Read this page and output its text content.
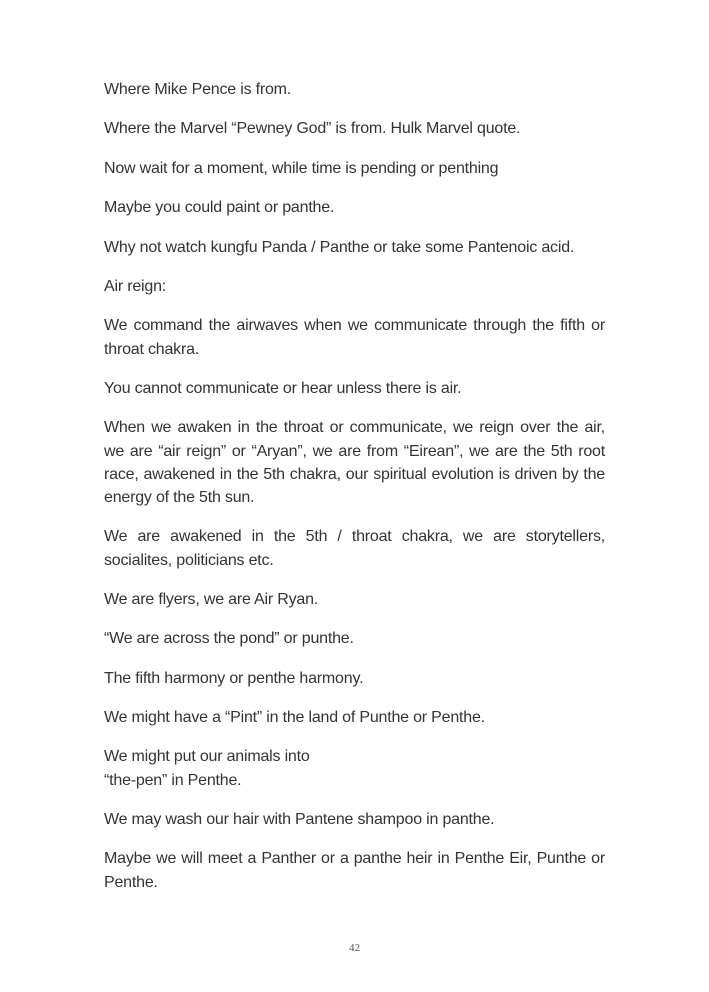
Where Mike Pence is from.

Where the Marvel “Pewney God” is from. Hulk Marvel quote.

Now wait for a moment, while time is pending or penthing

Maybe you could paint or panthe.

Why not watch kungfu Panda / Panthe or take some Pantenoic acid.

Air reign:

We command the airwaves when we communicate through the fifth or throat chakra.

You cannot communicate or hear unless there is air.

When we awaken in the throat or communicate, we reign over the air, we are “air reign” or “Aryan”, we are from “Eirean”, we are the 5th root race, awakened in the 5th chakra, our spiritual evolution is driven by the energy of the 5th sun.

We are awakened in the 5th / throat chakra, we are storytellers, socialites, politicians etc.

We are flyers, we are Air Ryan.

“We are across the pond” or punthe.

The fifth harmony or penthe harmony.

We might have a “Pint” in the land of Punthe or Penthe.

We might put our animals into
“the-pen” in Penthe.

We may wash our hair with Pantene shampoo in panthe.

Maybe we will meet a Panther or a panthe heir in Penthe Eir, Punthe or Penthe.

42
